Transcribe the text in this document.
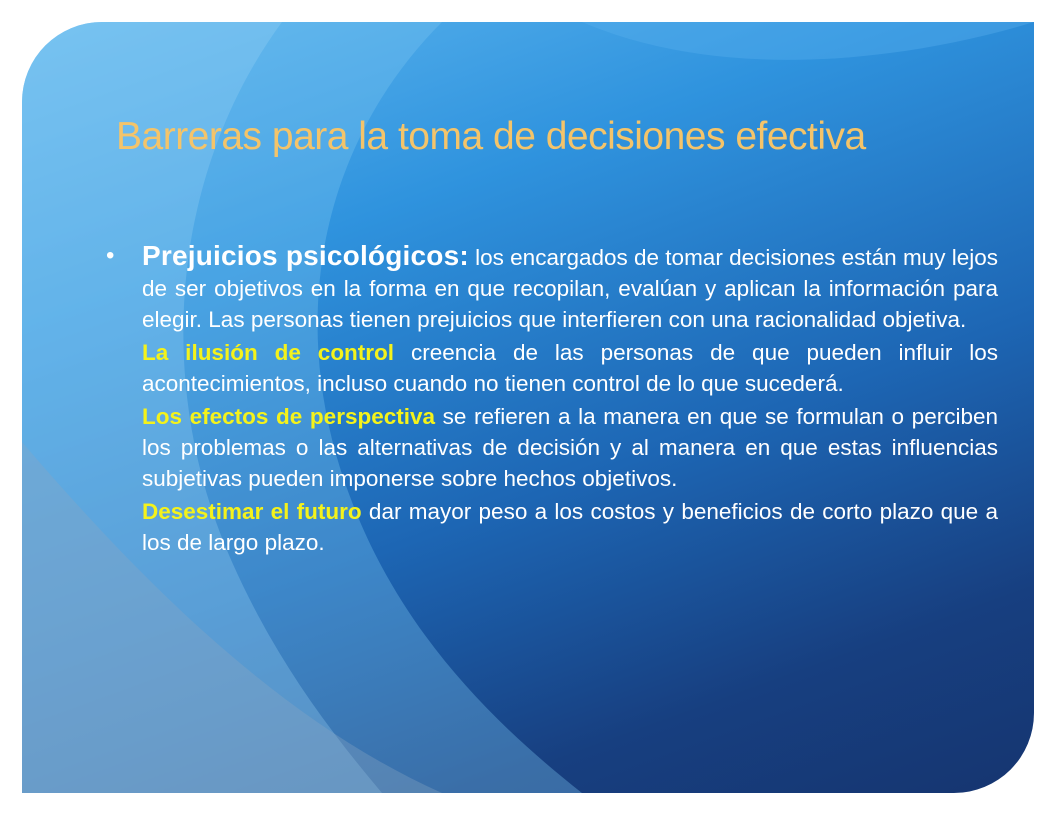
Barreras para la toma de decisiones efectiva
• Prejuicios psicológicos: los encargados de tomar decisiones están muy lejos de ser objetivos en la forma en que recopilan, evalúan y aplican la información para elegir. Las personas tienen prejuicios que interfieren con una racionalidad objetiva.
La ilusión de control creencia de las personas de que pueden influir los acontecimientos, incluso cuando no tienen control de lo que sucederá.
Los efectos de perspectiva se refieren a la manera en que se formulan o perciben los problemas o las alternativas de decisión y al manera en que estas influencias subjetivas pueden imponerse sobre hechos objetivos.
Desestimar el futuro dar mayor peso a los costos y beneficios de corto plazo que a los de largo plazo.
